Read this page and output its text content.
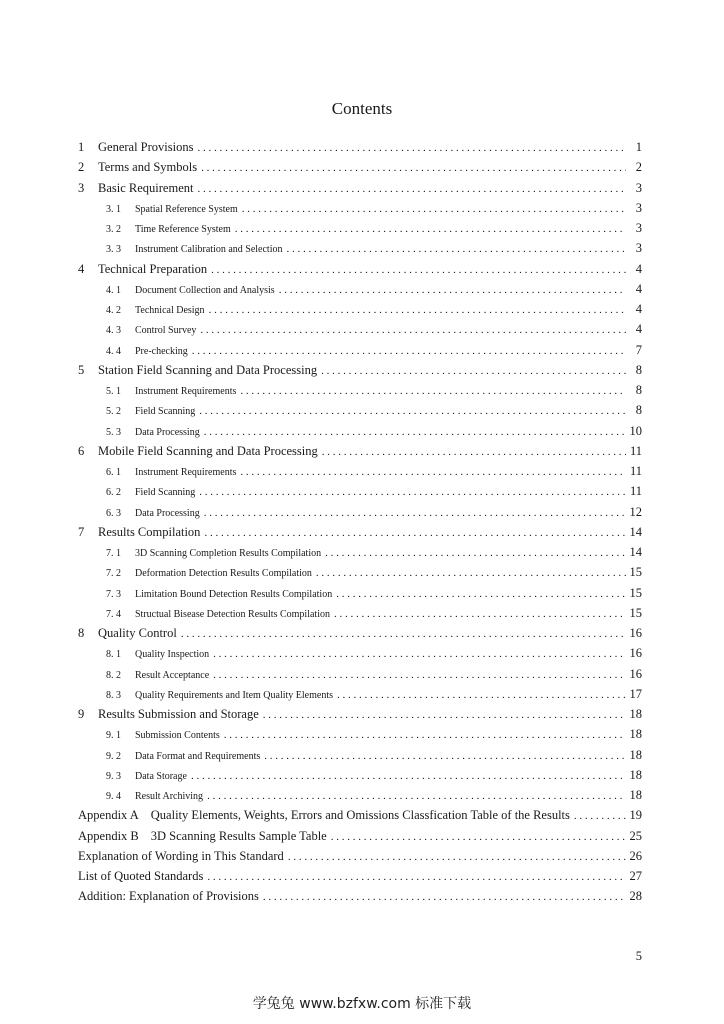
Contents
1	General Provisions . . .	1
2	Terms and Symbols . . .	2
3	Basic Requirement . . .	3
3. 1	Spatial Reference System . . .	3
3. 2	Time Reference System . . .	3
3. 3	Instrument Calibration and Selection . . .	3
4	Technical Preparation . . .	4
4. 1	Document Collection and Analysis . . .	4
4. 2	Technical Design . . .	4
4. 3	Control Survey . . .	4
4. 4	Pre-checking . . .	7
5	Station Field Scanning and Data Processing . . .	8
5. 1	Instrument Requirements . . .	8
5. 2	Field Scanning . . .	8
5. 3	Data Processing . . .	10
6	Mobile Field Scanning and Data Processing . . .	11
6. 1	Instrument Requirements . . .	11
6. 2	Field Scanning . . .	11
6. 3	Data Processing . . .	12
7	Results Compilation . . .	14
7. 1	3D Scanning Completion Results Compilation . . .	14
7. 2	Deformation Detection Results Compilation . . .	15
7. 3	Limitation Bound Detection Results Compilation . . .	15
7. 4	Structual Bisease Detection Results Compilation . . .	15
8	Quality Control . . .	16
8. 1	Quality Inspection . . .	16
8. 2	Result Acceptance . . .	16
8. 3	Quality Requirements and Item Quality Elements . . .	17
9	Results Submission and Storage . . .	18
9. 1	Submission Contents . . .	18
9. 2	Data Format and Requirements . . .	18
9. 3	Data Storage . . .	18
9. 4	Result Archiving . . .	18
Appendix A Quality Elements, Weights, Errors and Omissions Classfication Table of the Results . . .	19
Appendix B 3D Scanning Results Sample Table . . .	25
Explanation of Wording in This Standard . . .	26
List of Quoted Standards . . .	27
Addition: Explanation of Provisions . . .	28
5
学兔兔 www.bzfxw.com 标准下载
